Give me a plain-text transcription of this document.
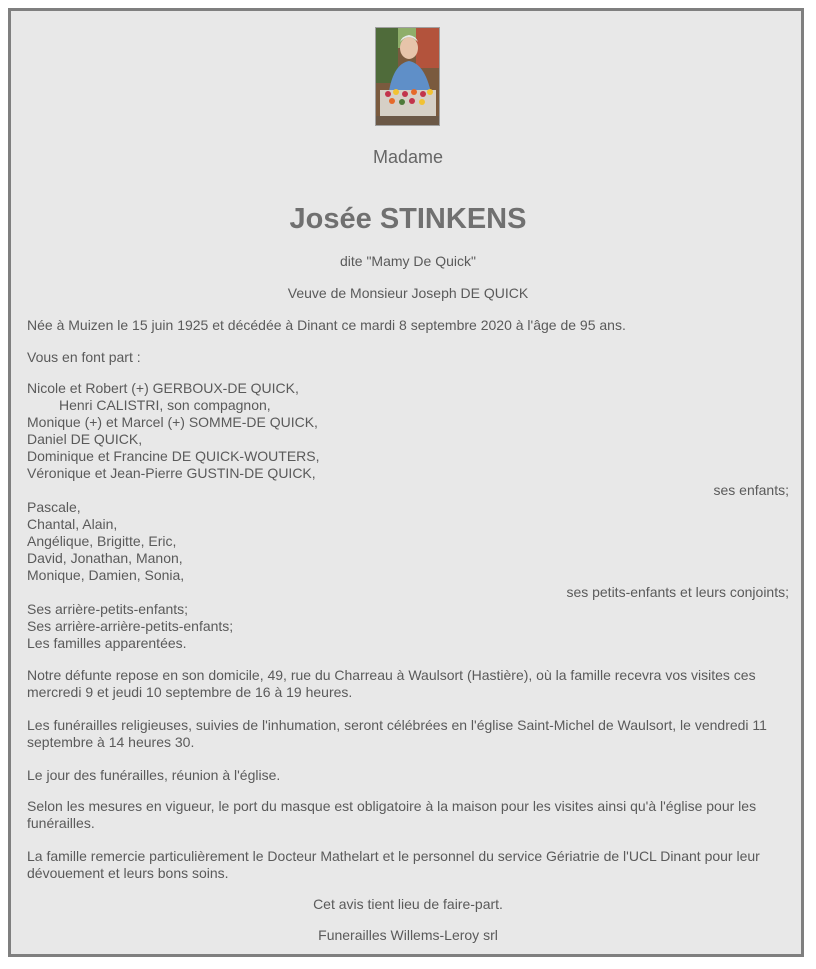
Madame
Josée STINKENS
dite "Mamy De Quick"
Veuve de Monsieur Joseph DE QUICK
Née à Muizen le 15 juin 1925 et décédée à Dinant ce mardi 8 septembre 2020 à l'âge de 95 ans.
Vous en font part :

Nicole et Robert (+) GERBOUX-DE QUICK,

Henri CALISTRI, son compagnon,

Monique (+) et Marcel (+) SOMME-DE QUICK,

Daniel DE QUICK,

Dominique et Francine DE QUICK-WOUTERS,

Véronique et Jean-Pierre GUSTIN-DE QUICK,

ses enfants;

Pascale,

Chantal, Alain,

Angélique, Brigitte, Eric,

David, Jonathan, Manon,

Monique, Damien, Sonia,

ses petits-enfants et leurs conjoints;

Ses arrière-petits-enfants;

Ses arrière-arrière-petits-enfants;

Les familles apparentées.

Notre défunte repose en son domicile, 49, rue du Charreau à Waulsort (Hastière), où la famille recevra vos visites ces mercredi 9 et jeudi 10 septembre de 16 à 19 heures.
Les funérailles religieuses, suivies de l'inhumation, seront célébrées en l'église Saint-Michel de Waulsort, le vendredi 11 septembre à 14 heures 30.
Le jour des funérailles, réunion à l'église.
Selon les mesures en vigueur, le port du masque est obligatoire à la maison pour les visites ainsi qu'à l'église pour les funérailles.
La famille remercie particulièrement le Docteur Mathelart et le personnel du service Gériatrie de l'UCL Dinant pour leur dévouement et leurs bons soins.
Cet avis tient lieu de faire-part.
Funerailles Willems-Leroy srl
